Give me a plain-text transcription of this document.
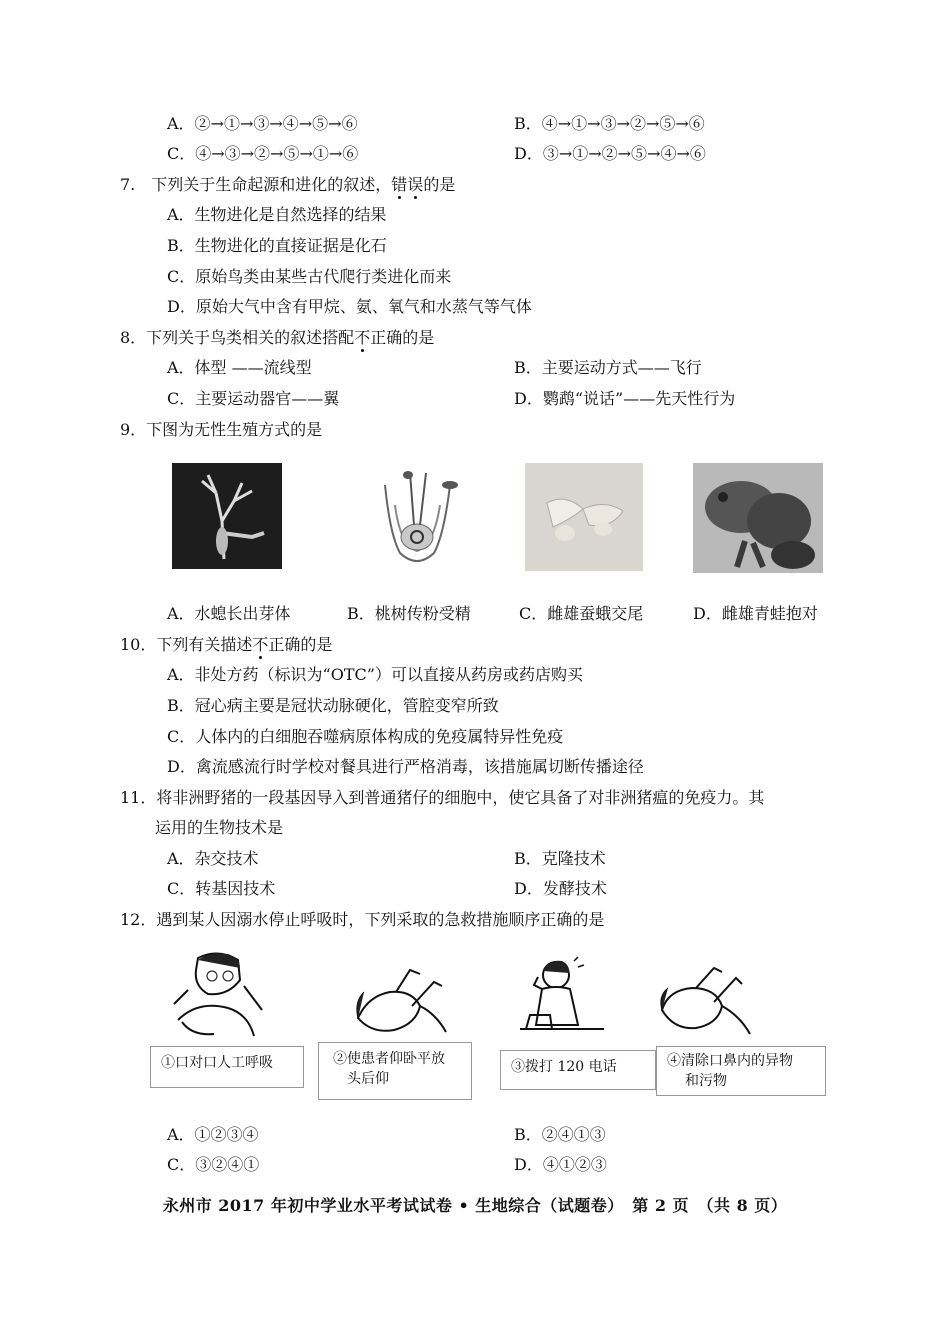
A．②→①→③→④→⑤→⑥	B．④→①→③→②→⑤→⑥
C．④→③→②→⑤→①→⑥	D．③→①→②→⑤→④→⑥
7.　下列关于生命起源和进化的叙述，错误的是
A．生物进化是自然选择的结果
B．生物进化的直接证据是化石
C．原始鸟类由某些古代爬行类进化而来
D．原始大气中含有甲烷、氨、氧气和水蒸气等气体
8．下列关于鸟类相关的叙述搭配不正确的是
A．体型 ——流线型	B．主要运动方式——飞行
C．主要运动器官——翼	D．鹦鹉“说话”——先天性行为
9．下图为无性生殖方式的是
A．水螅长出芽体	B．桃树传粉受精	C．雌雄蚕蛾交尾	D．雌雄青蛙抱对
10．下列有关描述不正确的是
A．非处方药（标识为“OTC”）可以直接从药房或药店购买
B．冠心病主要是冠状动脉硬化，管腔变窄所致
C．人体内的白细胞吞噬病原体构成的免疫属特异性免疫
D．禽流感流行时学校对餐具进行严格消毒，该措施属切断传播途径
11．将非洲野猪的一段基因导入到普通猪仔的细胞中，使它具备了对非洲猪瘟的免疫力。其
运用的生物技术是
A．杂交技术	B．克隆技术
C．转基因技术	D．发酵技术
12．遇到某人因溺水停止呼吸时，下列采取的急救措施顺序正确的是
①口对口人工呼吸	②使患者仰卧平放
头后仰
③拨打 120 电话	④清除口鼻内的异物
和污物
A．①②③④	B．②④①③
C．③②④①	D．④①②③
永州市 2017 年初中学业水平考试试卷 • 生地综合（试题卷）　第 2 页　（共 8 页）
